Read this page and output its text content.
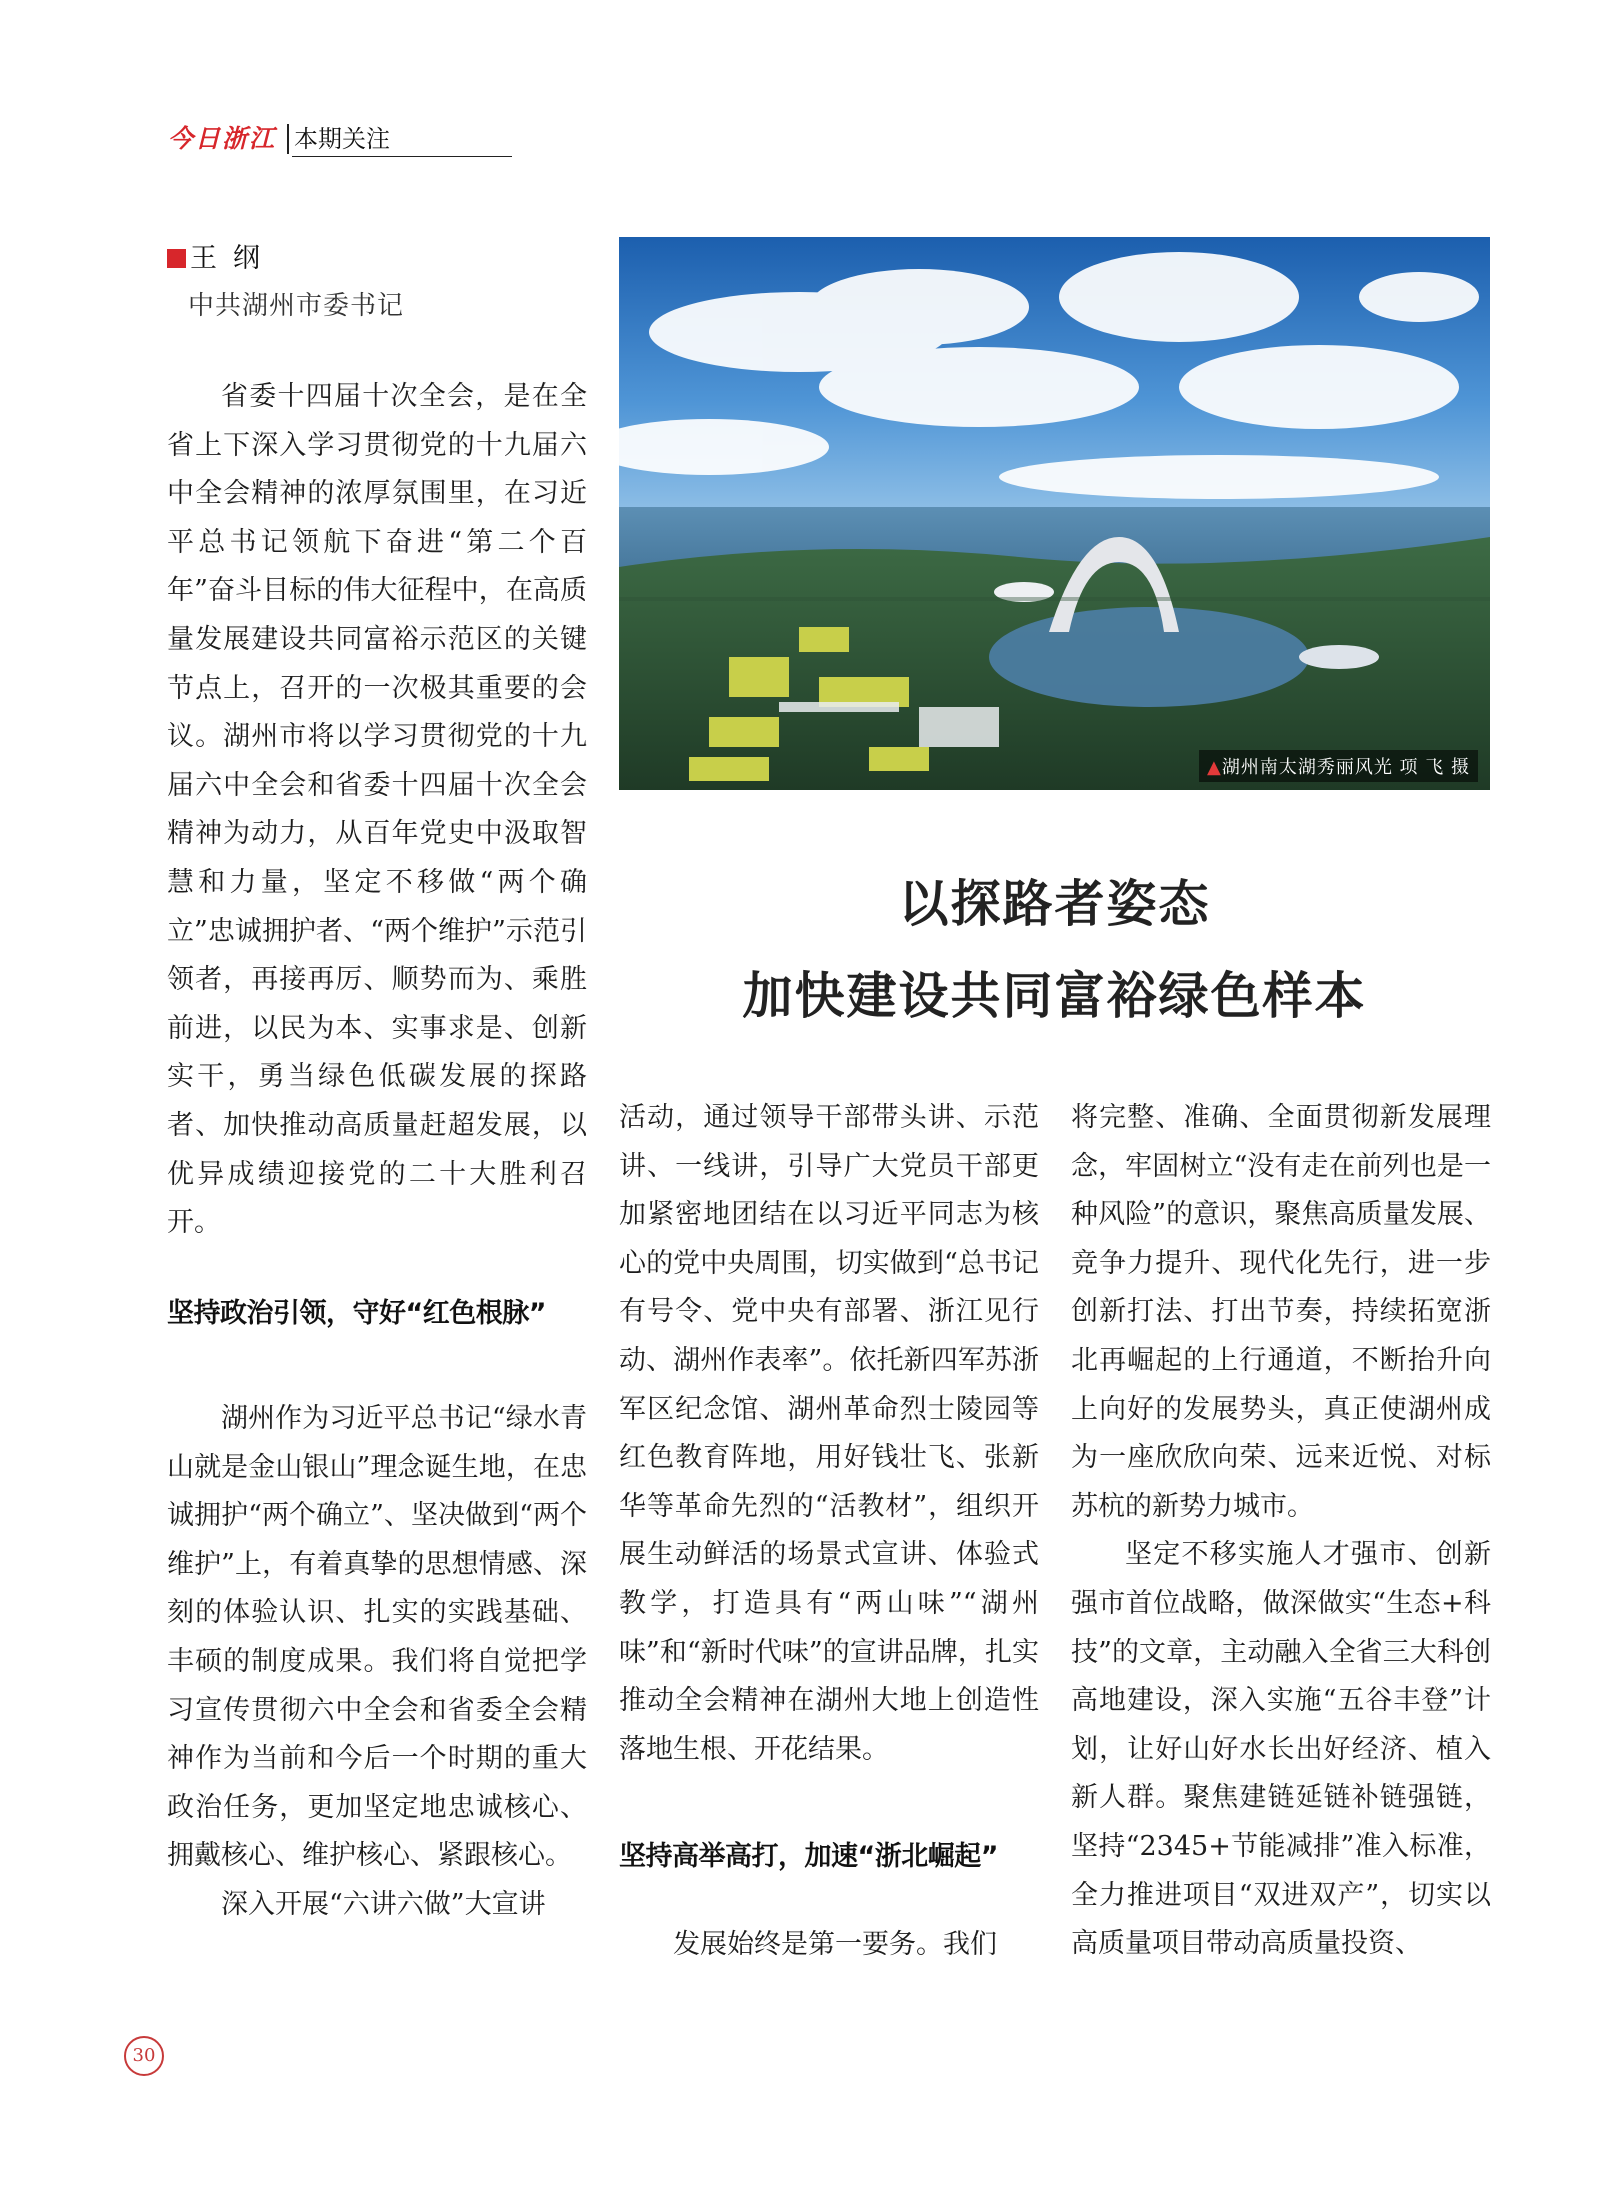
今日浙江 本期关注
王纲
中共湖州市委书记

省委十四届十次全会，是在全省上下深入学习贯彻党的十九届六中全会精神的浓厚氛围里，在习近平总书记领航下奋进“第二个百年”奋斗目标的伟大征程中，在高质量发展建设共同富裕示范区的关键节点上，召开的一次极其重要的会议。湖州市将以学习贯彻党的十九届六中全会和省委十四届十次全会精神为动力，从百年党史中汲取智慧和力量，坚定不移做“两个确立”忠诚拥护者、“两个维护”示范引领者，再接再厉、顺势而为、乘胜前进，以民为本、实事求是、创新实干，勇当绿色低碳发展的探路者、加快推动高质量赶超发展，以优异成绩迎接党的二十大胜利召开。

坚持政治引领，守好“红色根脉”

湖州作为习近平总书记“绿水青山就是金山银山”理念诞生地，在忠诚拥护“两个确立”、坚决做到“两个维护”上，有着真挚的思想情感、深刻的体验认识、扎实的实践基础、丰硕的制度成果。我们将自觉把学习宣传贯彻六中全会和省委全会精神作为当前和今后一个时期的重大政治任务，更加坚定地忠诚核心、拥戴核心、维护核心、紧跟核心。

深入开展“六讲六做”大宣讲

▲湖州南太湖秀丽风光 项 飞 摄
以探路者姿态
加快建设共同富裕绿色样本

活动，通过领导干部带头讲、示范讲、一线讲，引导广大党员干部更加紧密地团结在以习近平同志为核心的党中央周围，切实做到“总书记有号令、党中央有部署、浙江见行动、湖州作表率”。依托新四军苏浙军区纪念馆、湖州革命烈士陵园等红色教育阵地，用好钱壮飞、张新华等革命先烈的“活教材”，组织开展生动鲜活的场景式宣讲、体验式教学，打造具有“两山味”“湖州味”和“新时代味”的宣讲品牌，扎实推动全会精神在湖州大地上创造性落地生根、开花结果。

坚持高举高打，加速“浙北崛起”

发展始终是第一要务。我们

将完整、准确、全面贯彻新发展理念，牢固树立“没有走在前列也是一种风险”的意识，聚焦高质量发展、竞争力提升、现代化先行，进一步创新打法、打出节奏，持续拓宽浙北再崛起的上行通道，不断抬升向上向好的发展势头，真正使湖州成为一座欣欣向荣、远来近悦、对标苏杭的新势力城市。

坚定不移实施人才强市、创新强市首位战略，做深做实“生态+科技”的文章，主动融入全省三大科创高地建设，深入实施“五谷丰登”计划，让好山好水长出好经济、植入新人群。聚焦建链延链补链强链，坚持“2345+节能减排”准入标准，全力推进项目“双进双产”，切实以高质量项目带动高质量投资、

30
